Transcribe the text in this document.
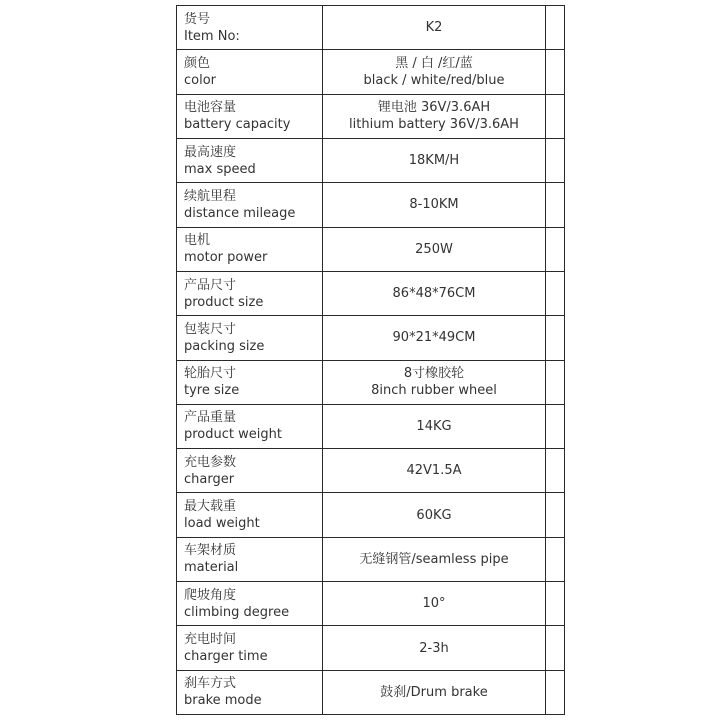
货号
Item No:	K2	

颜色
color	黑 / 白 /红/蓝
black / white/red/blue	

电池容量
battery capacity	锂电池 36V/3.6AH
lithium battery 36V/3.6AH	

最高速度
max speed	18KM/H	

续航里程
distance mileage	8-10KM	

电机
motor power	250W	

产品尺寸
product size	86*48*76CM	

包装尺寸
packing size	90*21*49CM	

轮胎尺寸
tyre size	8寸橡胶轮
8inch rubber wheel	

产品重量
product weight	14KG	

充电参数
charger	42V1.5A	

最大载重
load weight	60KG	

车架材质
material	无缝钢管/seamless pipe	

爬坡角度
climbing degree	10°	

充电时间
charger time	2-3h	

刹车方式
brake mode	鼓刹/Drum brake	
